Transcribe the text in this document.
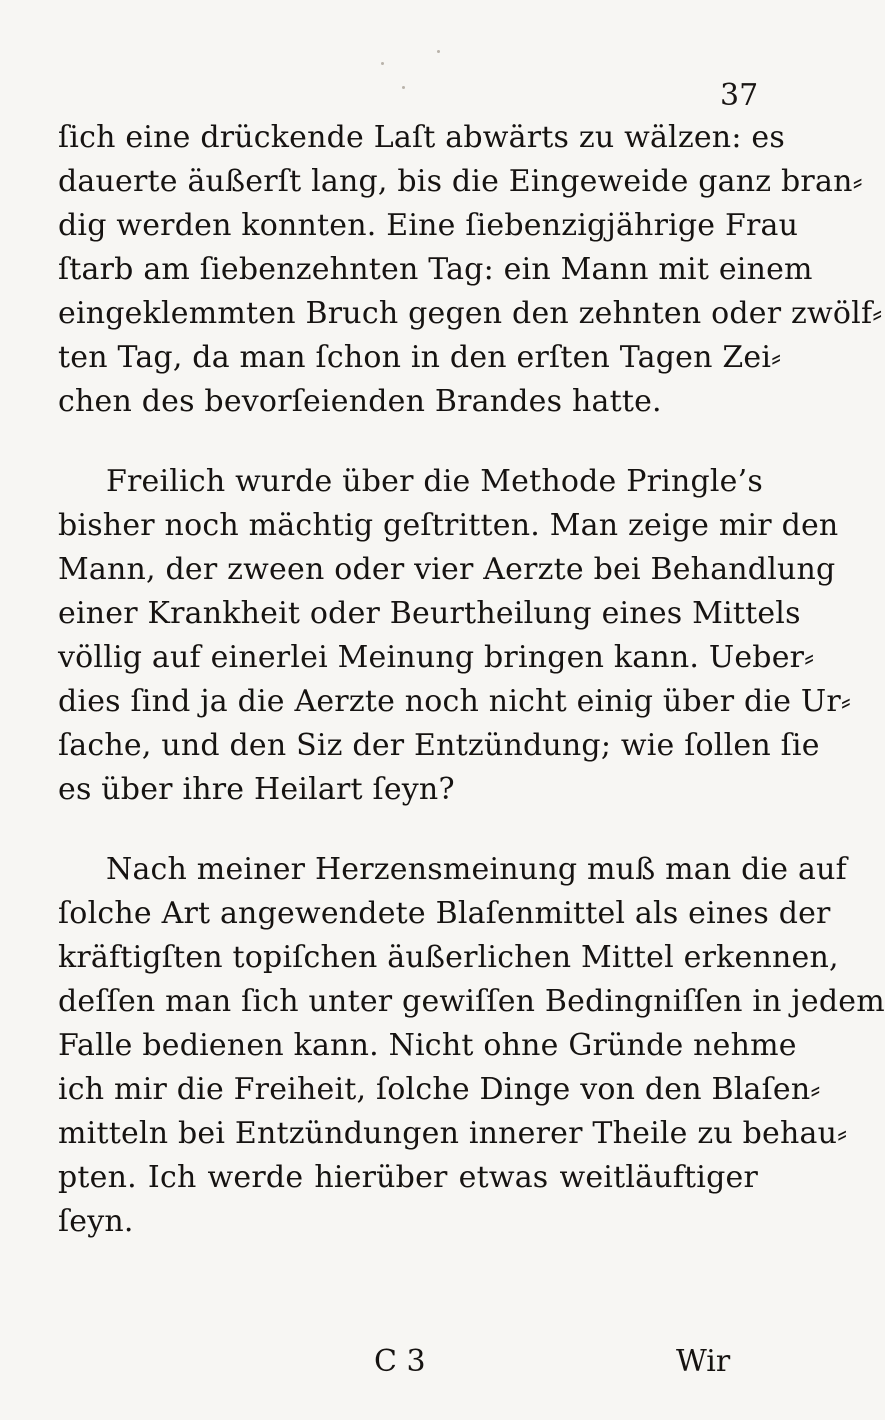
37
ſich eine drückende Laſt abwärts zu wälzen: es
dauerte äußerſt lang, bis die Eingeweide ganz bran⸗
dig werden konnten. Eine ſiebenzigjährige Frau
ſtarb am ſiebenzehnten Tag: ein Mann mit einem
eingeklemmten Bruch gegen den zehnten oder zwölf⸗
ten Tag, da man ſchon in den erſten Tagen Zei⸗
chen des bevorſeienden Brandes hatte.
Freilich wurde über die Methode Pringle’s
bisher noch mächtig geſtritten. Man zeige mir den
Mann, der zween oder vier Aerzte bei Behandlung
einer Krankheit oder Beurtheilung eines Mittels
völlig auf einerlei Meinung bringen kann. Ueber⸗
dies ſind ja die Aerzte noch nicht einig über die Ur⸗
ſache, und den Siz der Entzündung; wie ſollen ſie
es über ihre Heilart ſeyn?
Nach meiner Herzensmeinung muß man die auf
ſolche Art angewendete Blaſenmittel als eines der
kräftigſten topiſchen äußerlichen Mittel erkennen,
deſſen man ſich unter gewiſſen Bedingniſſen in jedem
Falle bedienen kann. Nicht ohne Gründe nehme
ich mir die Freiheit, ſolche Dinge von den Blaſen⸗
mitteln bei Entzündungen innerer Theile zu behau⸗
pten. Ich werde hierüber etwas weitläuftiger
ſeyn.
C 3	Wir
